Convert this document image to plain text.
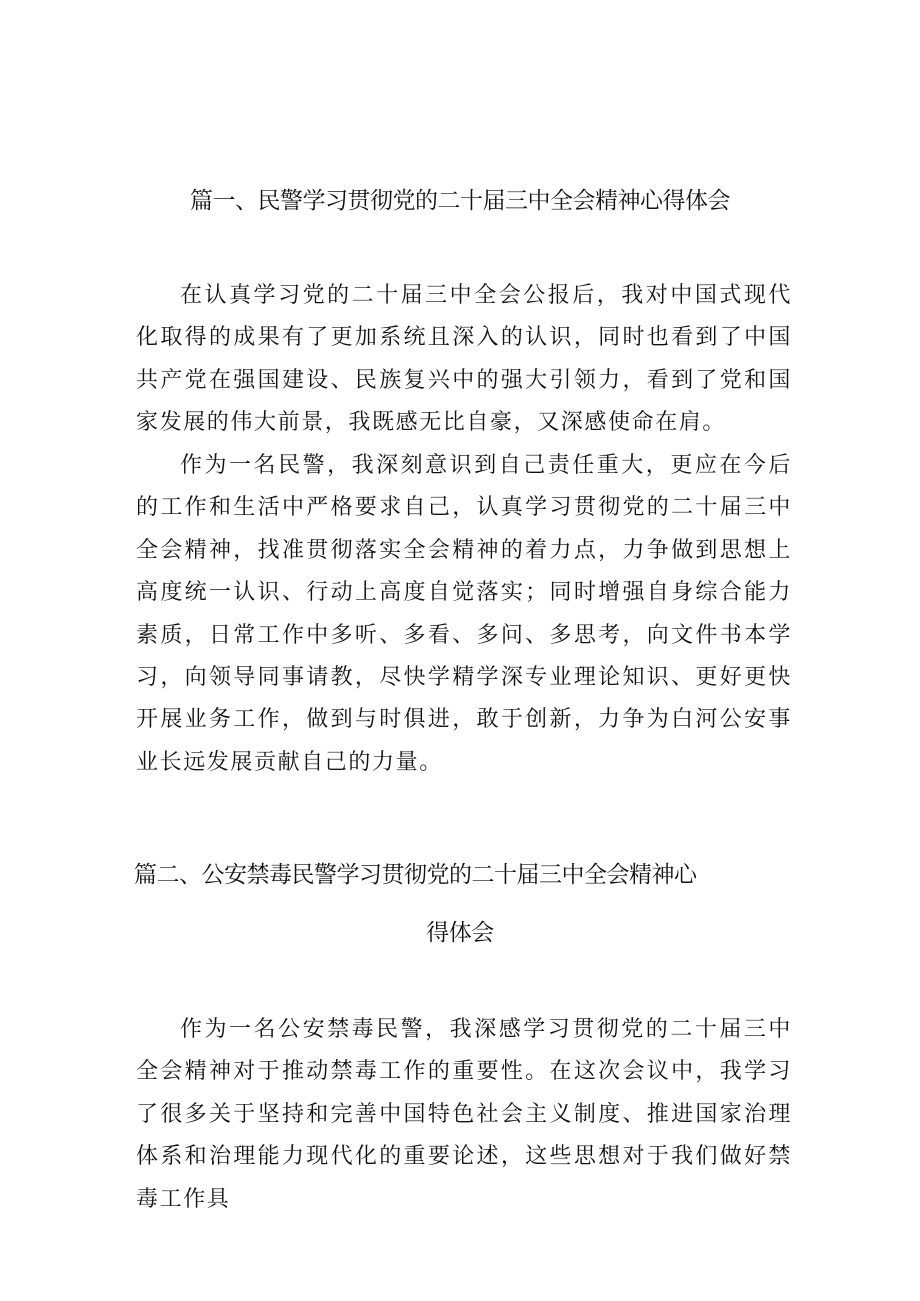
篇一、民警学习贯彻党的二十届三中全会精神心得体会

在认真学习党的二十届三中全会公报后，我对中国式现代化取得的成果有了更加系统且深入的认识，同时也看到了中国共产党在强国建设、民族复兴中的强大引领力，看到了党和国家发展的伟大前景，我既感无比自豪，又深感使命在肩。

作为一名民警，我深刻意识到自己责任重大，更应在今后的工作和生活中严格要求自己，认真学习贯彻党的二十届三中全会精神，找准贯彻落实全会精神的着力点，力争做到思想上高度统一认识、行动上高度自觉落实；同时增强自身综合能力素质，日常工作中多听、多看、多问、多思考，向文件书本学习，向领导同事请教，尽快学精学深专业理论知识、更好更快开展业务工作，做到与时俱进，敢于创新，力争为白河公安事业长远发展贡献自己的力量。

篇二、公安禁毒民警学习贯彻党的二十届三中全会精神心
得体会

作为一名公安禁毒民警，我深感学习贯彻党的二十届三中全会精神对于推动禁毒工作的重要性。在这次会议中，我学习了很多关于坚持和完善中国特色社会主义制度、推进国家治理体系和治理能力现代化的重要论述，这些思想对于我们做好禁毒工作具
